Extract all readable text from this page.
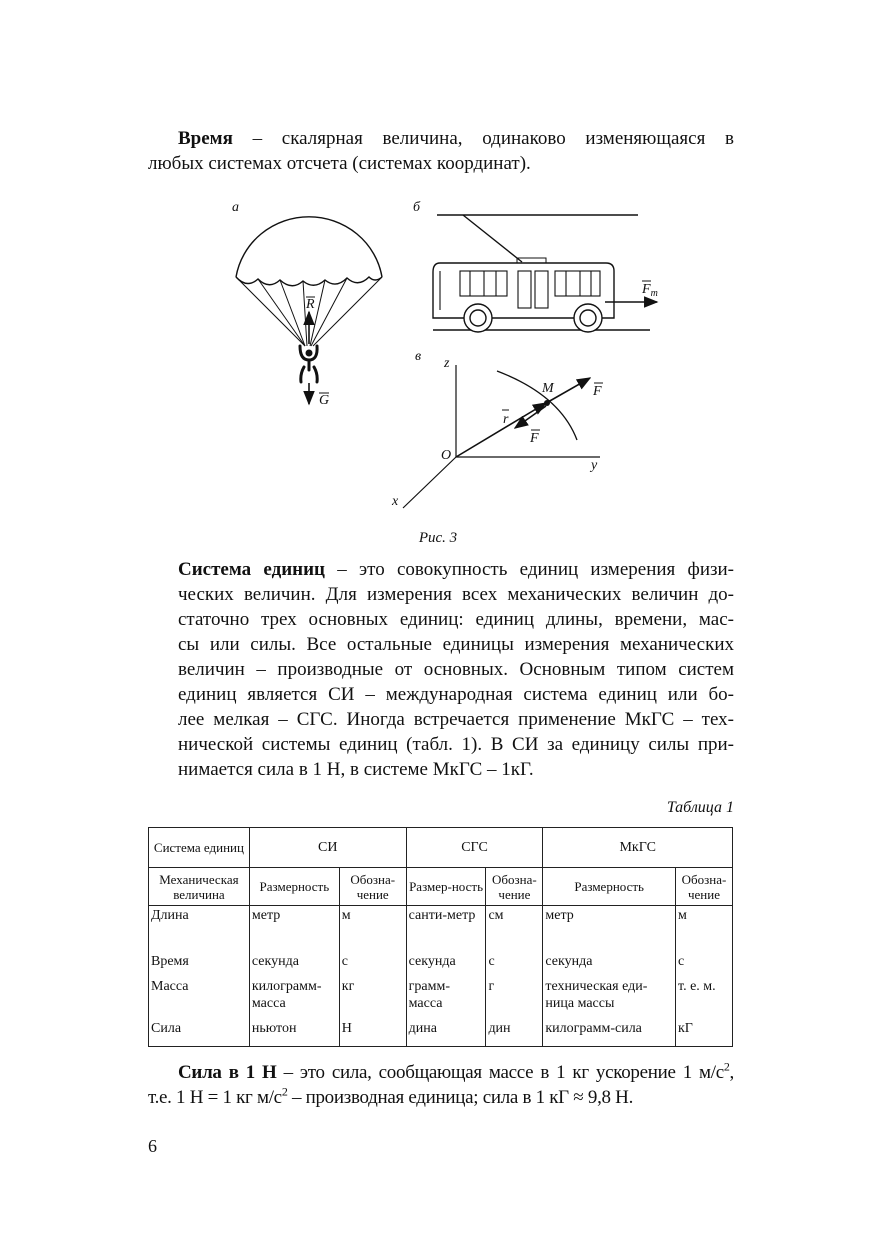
Время – скалярная величина, одинаково изменяющаяся в
любых системах отсчета (системах координат).

а
R
G
б
$F_т$
в z
y
x
O
M
r
F
F
Рис. 3

Система единиц – это совокупность единиц измерения физи-
ческих величин. Для измерения всех механических величин до-
статочно трех основных единиц: единиц длины, времени, мас-
сы или силы. Все остальные единицы измерения механических
величин – производные от основных. Основным типом систем
единиц является СИ – международная система единиц или бо-
лее мелкая – СГС. Иногда встречается применение МкГС – тех-
нической системы единиц (табл. 1). В СИ за единицу силы при-
нимается сила в 1 Н, в системе МкГС – 1кГ.

Таблица 1
Система единиц	СИ		СГС		МкГС	
Механическая величина	Размерность	Обозна-чение	Размер-ность	Обозна-чение	Размерность	Обозна-чение
Длина	метр	м	санти-метр	см	метр	м
Время	секунда	с	секунда	с	секунда	с
Масса	килограмм-масса	кг	грамм-масса	г	техническая еди-ница массы	т. е. м.
Сила	ньютон	Н	дина	дин	килограмм-сила	кГ

Сила в 1 Н – это сила, сообщающая массе в 1 кг ускорение 1 $м/с^2$,
т.е. 1 Н = 1 кг $м/с^2$ – производная единица; сила в 1 кГ ≈ 9,8 Н.

6
